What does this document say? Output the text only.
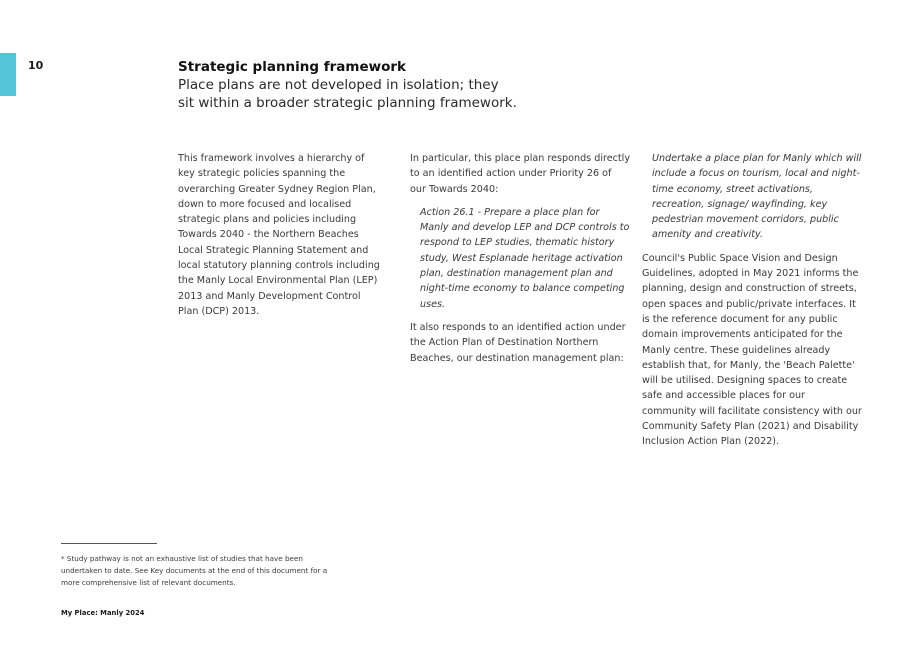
10	Strategic planning framework

Place plans are not developed in isolation; they sit within a broader strategic planning framework.

This framework involves a hierarchy of key strategic policies spanning the overarching Greater Sydney Region Plan, down to more focused and localised strategic plans and policies including Towards 2040 - the Northern Beaches Local Strategic Planning Statement and local statutory planning controls including the Manly Local Environmental Plan (LEP) 2013 and Manly Development Control Plan (DCP) 2013.

In particular, this place plan responds directly to an identified action under Priority 26 of our Towards 2040:

Action 26.1 - Prepare a place plan for Manly and develop LEP and DCP controls to respond to LEP studies, thematic history study, West Esplanade heritage activation plan, destination management plan and night-time economy to balance competing uses.

It also responds to an identified action under the Action Plan of Destination Northern Beaches, our destination management plan:

Undertake a place plan for Manly which will include a focus on tourism, local and night-time economy, street activations, recreation, signage/ wayfinding, key pedestrian movement corridors, public amenity and creativity.

Council's Public Space Vision and Design Guidelines, adopted in May 2021 informs the planning, design and construction of streets, open spaces and public/private interfaces. It is the reference document for any public domain improvements anticipated for the Manly centre. These guidelines already establish that, for Manly, the 'Beach Palette' will be utilised. Designing spaces to create safe and accessible places for our community will facilitate consistency with our Community Safety Plan (2021) and Disability Inclusion Action Plan (2022).

* Study pathway is not an exhaustive list of studies that have been undertaken to date. See Key documents at the end of this document for a more comprehensive list of relevant documents.

My Place: Manly 2024
